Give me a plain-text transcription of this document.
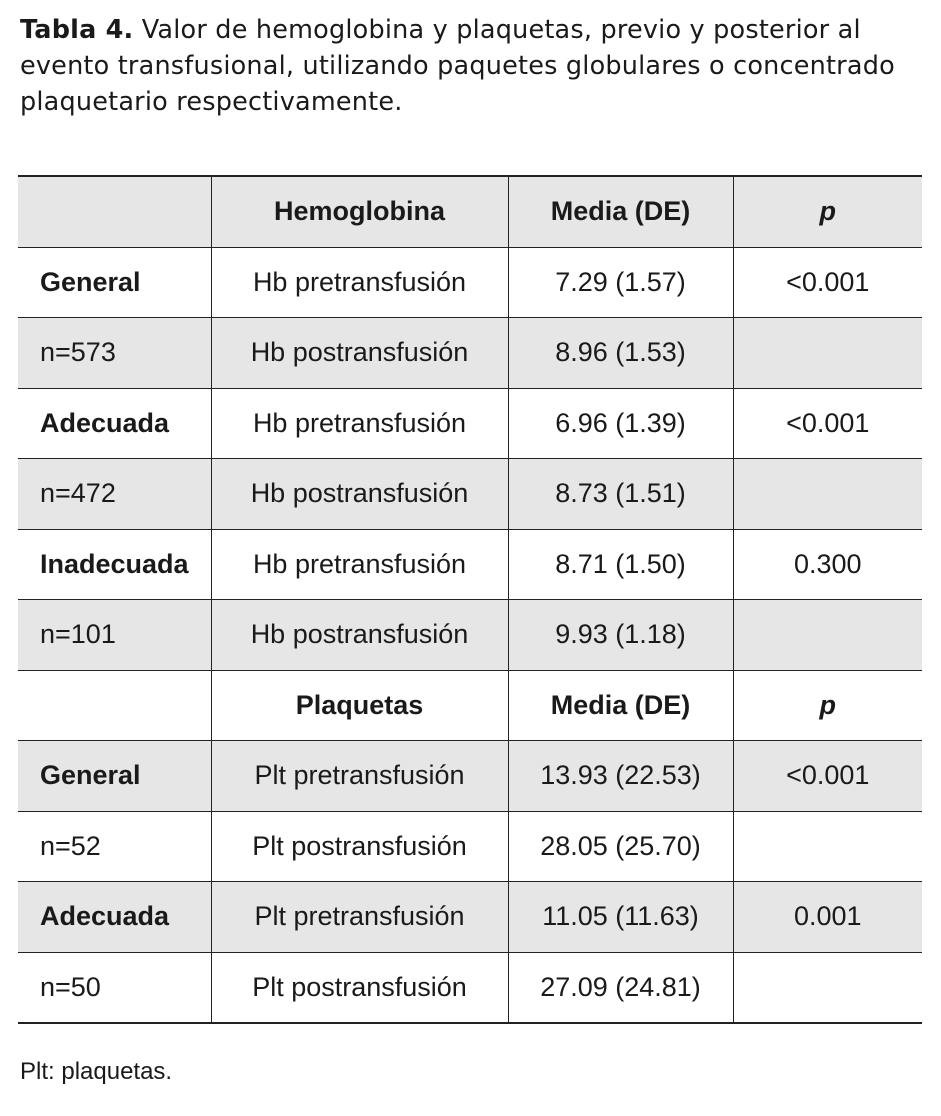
Tabla 4. Valor de hemoglobina y plaquetas, previo y posterior al evento transfusional, utilizando paquetes globulares o concentrado plaquetario respectivamente.
	Hemoglobina	Media (DE)	p
General	Hb pretransfusión	7.29 (1.57)	<0.001
n=573	Hb postransfusión	8.96 (1.53)	
Adecuada	Hb pretransfusión	6.96 (1.39)	<0.001
n=472	Hb postransfusión	8.73 (1.51)	
Inadecuada	Hb pretransfusión	8.71 (1.50)	0.300
n=101	Hb postransfusión	9.93 (1.18)	
	Plaquetas	Media (DE)	p
General	Plt pretransfusión	13.93 (22.53)	<0.001
n=52	Plt postransfusión	28.05 (25.70)	
Adecuada	Plt pretransfusión	11.05 (11.63)	0.001
n=50	Plt postransfusión	27.09 (24.81)	
Plt: plaquetas.
